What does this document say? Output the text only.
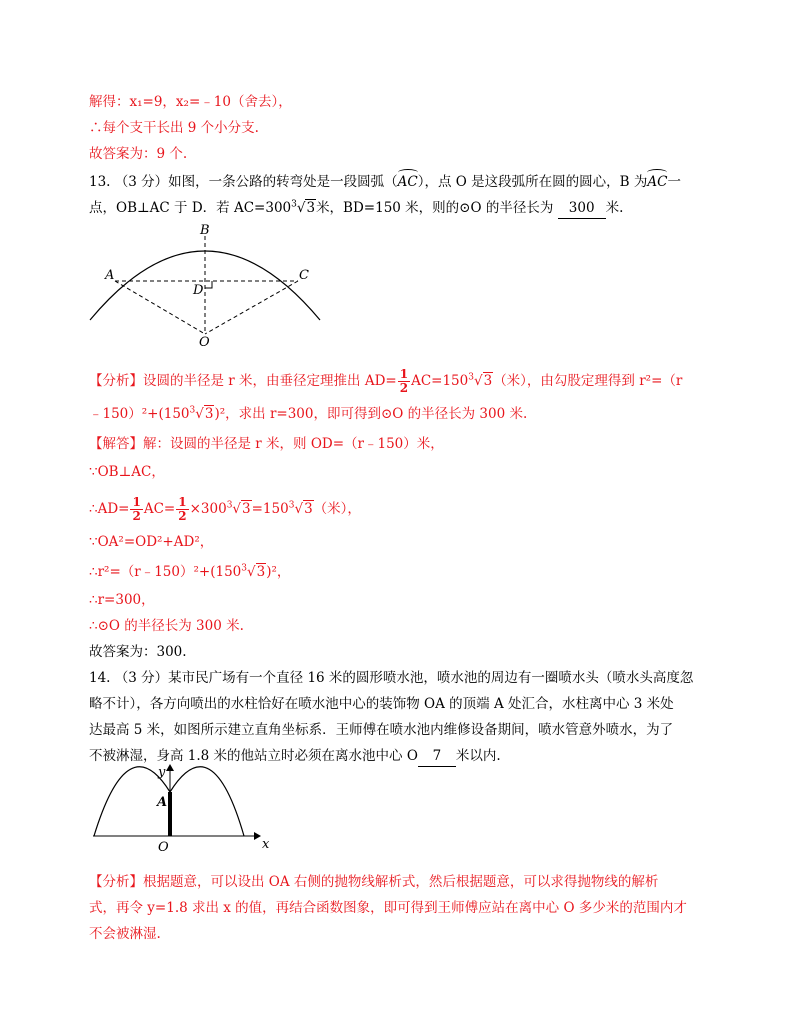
解得：x₁=9，x₂=﹣10（舍去），
∴每个支干长出 9 个小分支.
故答案为：9 个.
13. （3 分）如图，一条公路的转弯处是一段圆弧（
AC），点 O 是这段弧所在圆的圆心，B 为
AC一
点，OB⊥AC 于 D．若 $AC=300^3√3$米，BD=150 米，则的⊙O 的半径长为 300 米.
B
A	C
D
O
【分析】设圆的半径是 r 米，由垂径定理推出 $AD= \frac{1}{2} AC=150^3√3$（米），由勾股定理得到 r²=（r
$﹣150)^2+(150^3√3)^2$，求出 r=300，即可得到⊙O 的半径长为 300 米.
【解答】解：设圆的半径是 r 米，则 OD=（r﹣150）米，
∵OB⊥AC，
∴AD= $\frac{1}{2} AC= \frac{1}{2} \times 300^3√3=150^3√3$（米），
∵OA²=OD²+AD²，
$\therefore r^2=(r﹣150)^2+(150^3√3)^2$，
∴r=300，
∴⊙O 的半径长为 300 米.
故答案为：300.
14. （3 分）某市民广场有一个直径 16 米的圆形喷水池，喷水池的周边有一圈喷水头（喷水头高度忽
略不计），各方向喷出的水柱恰好在喷水池中心的装饰物 OA 的顶端 A 处汇合，水柱离中心 3 米处
达最高 5 米，如图所示建立直角坐标系．王师傅在喷水池内维修设备期间，喷水管意外喷水，为了
不被淋湿，身高 1.8 米的他站立时必须在离水池中心 O 7 米以内.
x
y
A
O
【分析】根据题意，可以设出 OA 右侧的抛物线解析式，然后根据题意，可以求得抛物线的解析
式，再令 y=1.8 求出 x 的值，再结合函数图象，即可得到王师傅应站在离中心 O 多少米的范围内才
不会被淋湿.
